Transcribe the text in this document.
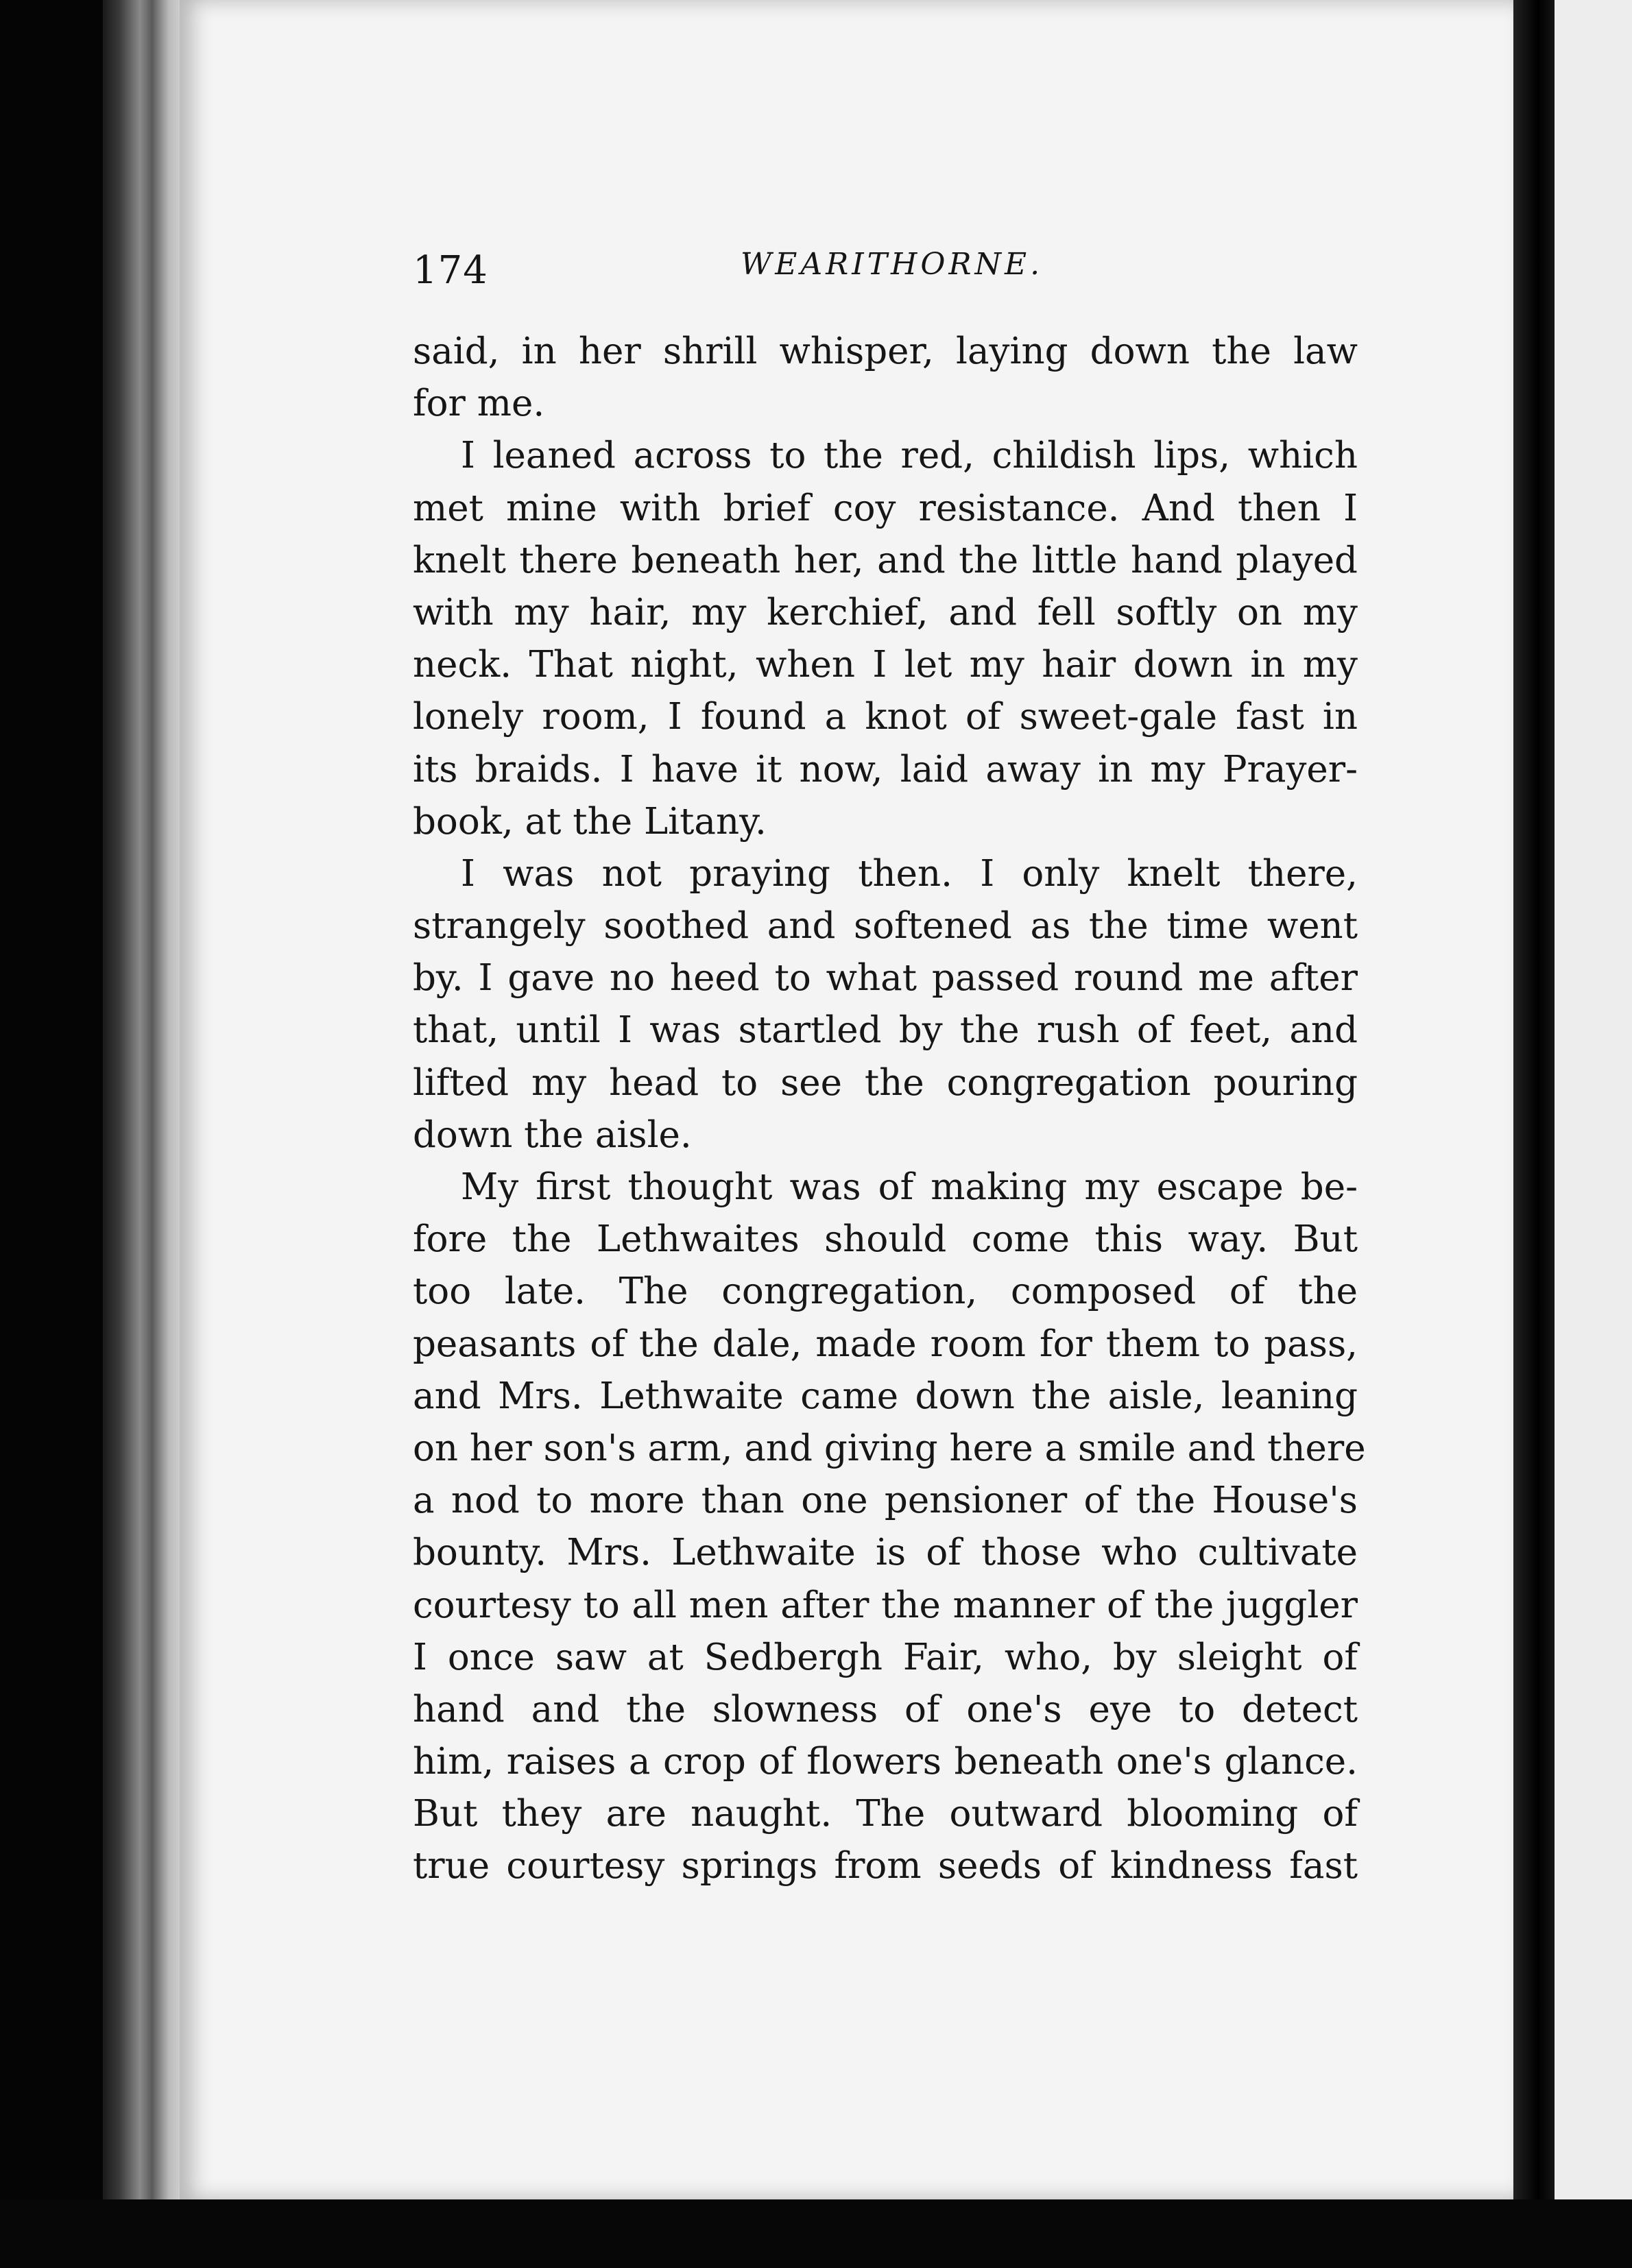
174	WEARITHORNE.
said, in her shrill whisper, laying down the law
for me.
I leaned across to the red, childish lips, which
met mine with brief coy resistance. And then I
knelt there beneath her, and the little hand played
with my hair, my kerchief, and fell softly on my
neck. That night, when I let my hair down in my
lonely room, I found a knot of sweet-gale fast in
its braids. I have it now, laid away in my Prayer-
book, at the Litany.
I was not praying then. I only knelt there,
strangely soothed and softened as the time went
by. I gave no heed to what passed round me after
that, until I was startled by the rush of feet, and
lifted my head to see the congregation pouring
down the aisle.
My first thought was of making my escape be-
fore the Lethwaites should come this way. But
too late. The congregation, composed of the
peasants of the dale, made room for them to pass,
and Mrs. Lethwaite came down the aisle, leaning
on her son's arm, and giving here a smile and there
a nod to more than one pensioner of the House's
bounty. Mrs. Lethwaite is of those who cultivate
courtesy to all men after the manner of the juggler
I once saw at Sedbergh Fair, who, by sleight of
hand and the slowness of one's eye to detect
him, raises a crop of flowers beneath one's glance.
But they are naught. The outward blooming of
true courtesy springs from seeds of kindness fast
